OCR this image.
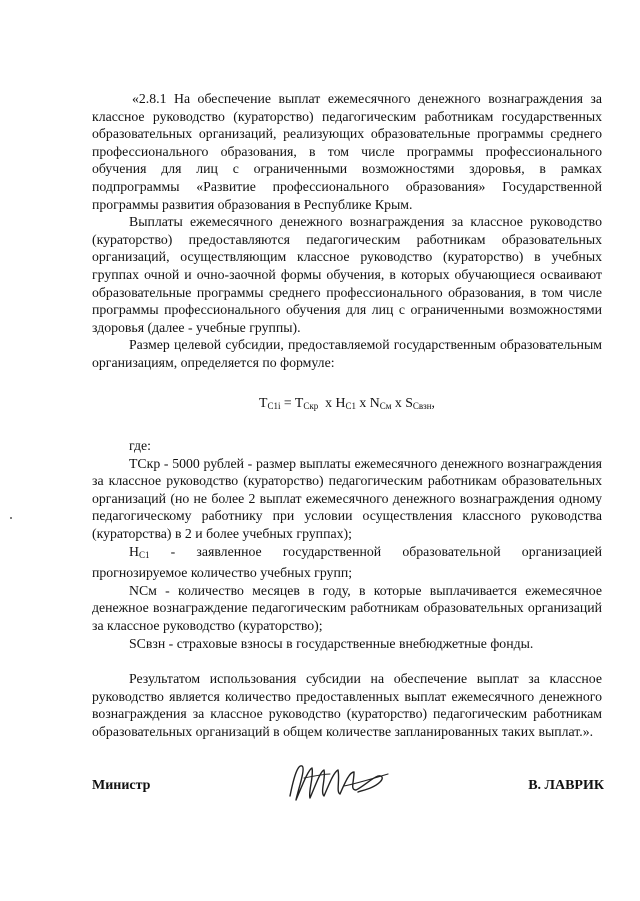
«2.8.1 На обеспечение выплат ежемесячного денежного вознаграждения за классное руководство (кураторство) педагогическим работникам государственных образовательных организаций, реализующих образовательные программы среднего профессионального образования, в том числе программы профессионального обучения для лиц с ограниченными возможностями здоровья, в рамках подпрограммы «Развитие профессионального образования» Государственной программы развития образования в Республике Крым.

Выплаты ежемесячного денежного вознаграждения за классное руководство (кураторство) предоставляются педагогическим работникам образовательных организаций, осуществляющим классное руководство (кураторство) в учебных группах очной и очно-заочной формы обучения, в которых обучающиеся осваивают образовательные программы среднего профессионального образования, в том числе программы профессионального обучения для лиц с ограниченными возможностями здоровья (далее - учебные группы).

Размер целевой субсидии, предоставляемой государственным образовательным организациям, определяется по формуле:

$T_{C1i} = T_{Скр}$  x $H_{C1}$ x $N_{См}$ x $S_{Свзн}$,

где:

ТСкр - 5000 рублей - размер выплаты ежемесячного денежного вознаграждения за классное руководство (кураторство) педагогическим работникам образовательных организаций (но не более 2 выплат ежемесячного денежного вознаграждения одному педагогическому работнику при условии осуществления классного руководства (кураторства) в 2 и более учебных группах);

$H_{C1}$ - заявленное государственной образовательной организацией прогнозируемое количество учебных групп;

NСм - количество месяцев в году, в которые выплачивается ежемесячное денежное вознаграждение педагогическим работникам образовательных организаций за классное руководство (кураторство);

SСвзн - страховые взносы в государственные внебюджетные фонды.

Результатом использования субсидии на обеспечение выплат за классное руководство является количество предоставленных выплат ежемесячного денежного вознаграждения за классное руководство (кураторство) педагогическим работникам образовательных организаций в общем количестве запланированных таких выплат.».

Министр	В. ЛАВРИК
